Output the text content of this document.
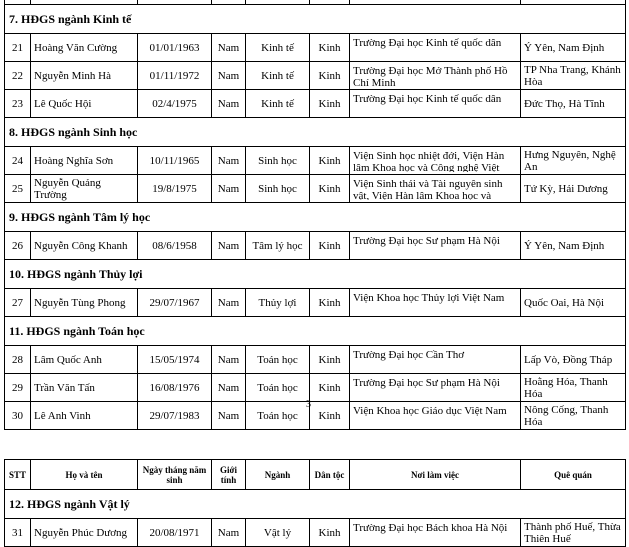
7. HĐGS ngành Kinh tế							
21	Hoàng Văn Cường	01/01/1963	Nam	Kinh tế	Kinh	Trường Đại học Kinh tế quốc dân	Ý Yên, Nam Định
22	Nguyễn Minh Hà	01/11/1972	Nam	Kinh tế	Kinh	Trường Đại học Mở Thành phố Hồ Chí Minh	TP Nha Trang, Khánh Hòa
23	Lê Quốc Hội	02/4/1975	Nam	Kinh tế	Kinh	Trường Đại học Kinh tế quốc dân	Đức Thọ, Hà Tĩnh
8. HĐGS ngành Sinh học							
24	Hoàng Nghĩa Sơn	10/11/1965	Nam	Sinh học	Kinh	Viện Sinh học nhiệt đới, Viện Hàn lâm Khoa học và Công nghệ Việt	Hưng Nguyên, Nghệ An
25	Nguyễn Quảng Trường	19/8/1975	Nam	Sinh học	Kinh	Viện Sinh thái và Tài nguyên sinh vật, Viện Hàn lâm Khoa học và	Tứ Kỳ, Hải Dương
9. HĐGS ngành Tâm lý học							
26	Nguyễn Công Khanh	08/6/1958	Nam	Tâm lý học	Kinh	Trường Đại học Sư phạm Hà Nội	Ý Yên, Nam Định
10. HĐGS ngành Thủy lợi							
27	Nguyễn Tùng Phong	29/07/1967	Nam	Thủy lợi	Kinh	Viện Khoa học Thủy lợi Việt Nam	Quốc Oai, Hà Nội
11. HĐGS ngành Toán học							
28	Lâm Quốc Anh	15/05/1974	Nam	Toán học	Kinh	Trường Đại học Cần Thơ	Lấp Vò, Đồng Tháp
29	Trần Văn Tấn	16/08/1976	Nam	Toán học	Kinh	Trường Đại học Sư phạm Hà Nội	Hoằng Hóa, Thanh Hóa
30	Lê Anh Vinh	29/07/1983	Nam	Toán học	Kinh	Viện Khoa học Giáo dục Việt Nam	Nông Cống, Thanh Hóa
3
STT	Họ và tên	Ngày tháng năm sinh	Giới tính	Ngành	Dân tộc	Nơi làm việc	Quê quán
12. HĐGS ngành Vật lý							
31	Nguyễn Phúc Dương	20/08/1971	Nam	Vật lý	Kinh	Trường Đại học Bách khoa Hà Nội	Thành phố Huế, Thừa Thiên Huế
